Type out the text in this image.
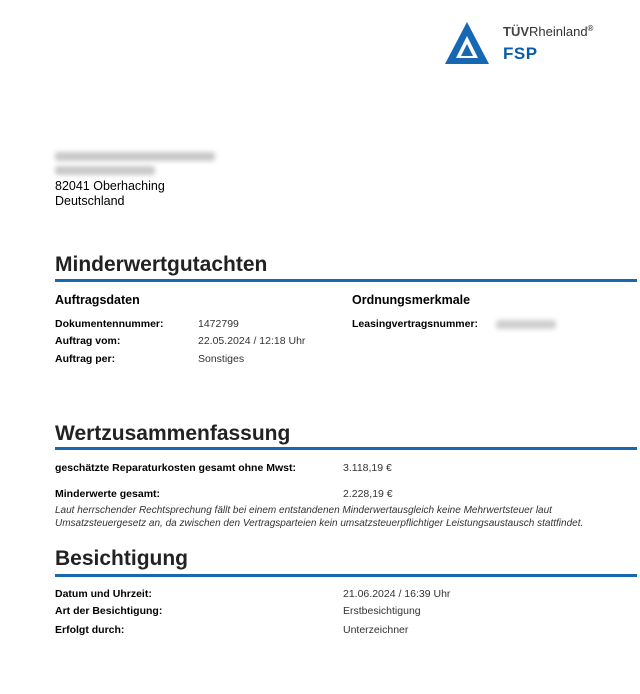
TÜVRheinland®
FSP
82041 Oberhaching
Deutschland
Minderwertgutachten
Auftragsdaten
Dokumentennummer:	1472799
Auftrag vom:	22.05.2024 / 12:18 Uhr
Auftrag per:	Sonstiges
Ordnungsmerkmale
Leasingvertragsnummer:
Wertzusammenfassung
geschätzte Reparaturkosten gesamt ohne Mwst:	3.118,19 €
Minderwerte gesamt:	2.228,19 €
Laut herrschender Rechtsprechung fällt bei einem entstandenen Minderwertausgleich keine Mehrwertsteuer laut Umsatzsteuergesetz an, da zwischen den Vertragsparteien kein umsatzsteuerpflichtiger Leistungsaustausch stattfindet.
Besichtigung
Datum und Uhrzeit:	21.06.2024 / 16:39 Uhr
Art der Besichtigung:	Erstbesichtigung
Erfolgt durch:	Unterzeichner
